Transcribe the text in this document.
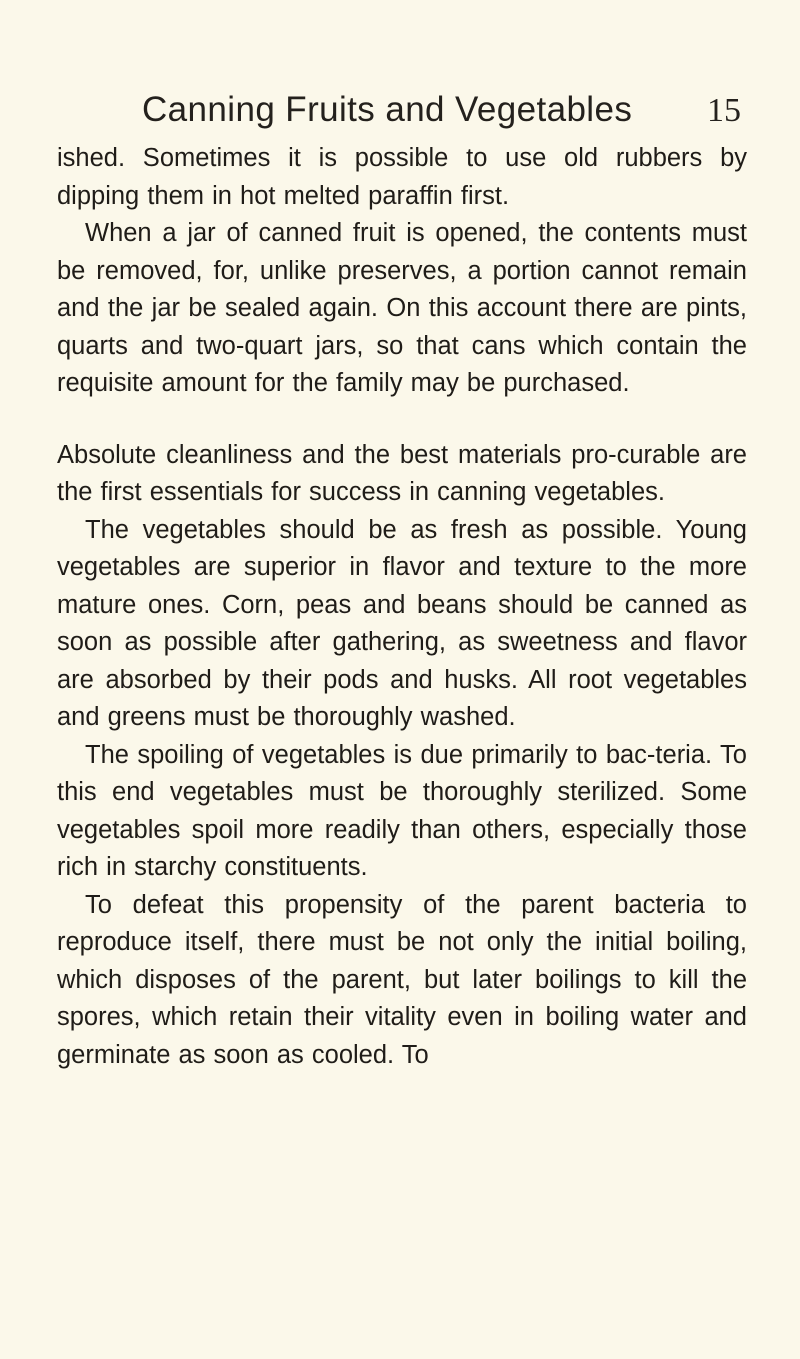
Canning Fruits and Vegetables 15

ished. Sometimes it is possible to use old rubbers by dipping them in hot melted paraffin first.

When a jar of canned fruit is opened, the contents must be removed, for, unlike preserves, a portion cannot remain and the jar be sealed again. On this account there are pints, quarts and two-quart jars, so that cans which contain the requisite amount for the family may be purchased.

Absolute cleanliness and the best materials pro-curable are the first essentials for success in canning vegetables.

The vegetables should be as fresh as possible. Young vegetables are superior in flavor and texture to the more mature ones. Corn, peas and beans should be canned as soon as possible after gathering, as sweetness and flavor are absorbed by their pods and husks. All root vegetables and greens must be thoroughly washed.

The spoiling of vegetables is due primarily to bac-teria. To this end vegetables must be thoroughly sterilized. Some vegetables spoil more readily than others, especially those rich in starchy constituents.

To defeat this propensity of the parent bacteria to reproduce itself, there must be not only the initial boiling, which disposes of the parent, but later boilings to kill the spores, which retain their vitality even in boiling water and germinate as soon as cooled. To
